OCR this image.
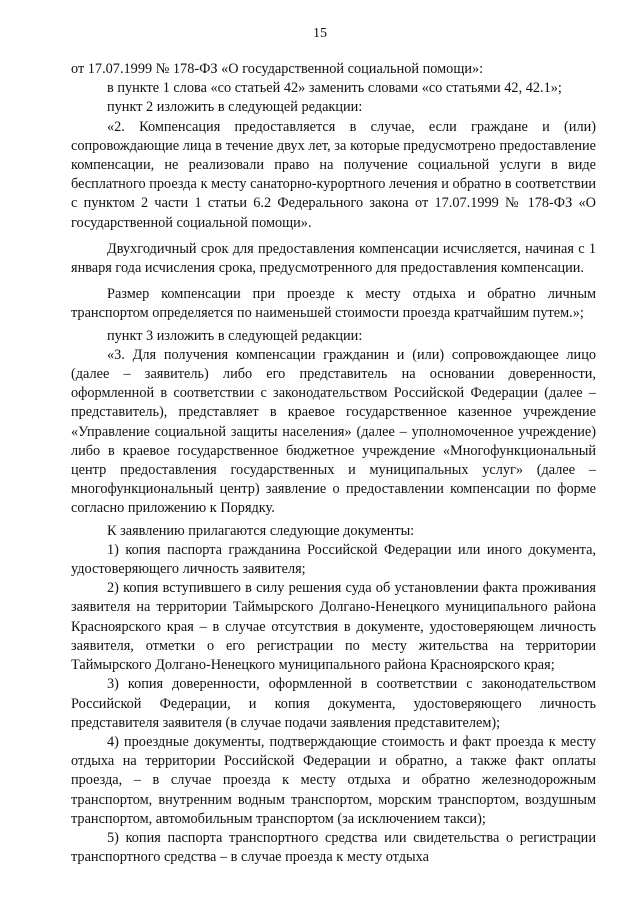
15

от 17.07.1999 № 178-ФЗ «О государственной социальной помощи»:

в пункте 1 слова «со статьей 42» заменить словами «со статьями 42, 42.1»;

пункт 2 изложить в следующей редакции:

«2. Компенсация предоставляется в случае, если граждане и (или) сопровождающие лица в течение двух лет, за которые предусмотрено предоставление компенсации, не реализовали право на получение социальной услуги в виде бесплатного проезда к месту санаторно-курортного лечения и обратно в соответствии с пунктом 2 части 1 статьи 6.2 Федерального закона от 17.07.1999 № 178-ФЗ «О государственной социальной помощи».

Двухгодичный срок для предоставления компенсации исчисляется, начиная с 1 января года исчисления срока, предусмотренного для предоставления компенсации.

Размер компенсации при проезде к месту отдыха и обратно личным транспортом определяется по наименьшей стоимости проезда кратчайшим путем.»;

пункт 3 изложить в следующей редакции:

«3. Для получения компенсации гражданин и (или) сопровождающее лицо (далее – заявитель) либо его представитель на основании доверенности, оформленной в соответствии с законодательством Российской Федерации (далее – представитель), представляет в краевое государственное казенное учреждение «Управление социальной защиты населения» (далее – уполномоченное учреждение) либо в краевое государственное бюджетное учреждение «Многофункциональный центр предоставления государственных и муниципальных услуг» (далее – многофункциональный центр) заявление о предоставлении компенсации по форме согласно приложению к Порядку.

К заявлению прилагаются следующие документы:

1) копия паспорта гражданина Российской Федерации или иного документа, удостоверяющего личность заявителя;

2) копия вступившего в силу решения суда об установлении факта проживания заявителя на территории Таймырского Долгано-Ненецкого муниципального района Красноярского края – в случае отсутствия в документе, удостоверяющем личность заявителя, отметки о его регистрации по месту жительства на территории Таймырского Долгано-Ненецкого муниципального района Красноярского края;

3) копия доверенности, оформленной в соответствии с законодательством Российской Федерации, и копия документа, удостоверяющего личность представителя заявителя (в случае подачи заявления представителем);

4) проездные документы, подтверждающие стоимость и факт проезда к месту отдыха на территории Российской Федерации и обратно, а также факт оплаты проезда, – в случае проезда к месту отдыха и обратно железнодорожным транспортом, внутренним водным транспортом, морским транспортом, воздушным транспортом, автомобильным транспортом (за исключением такси);

5) копия паспорта транспортного средства или свидетельства о регистрации транспортного средства – в случае проезда к месту отдыха
